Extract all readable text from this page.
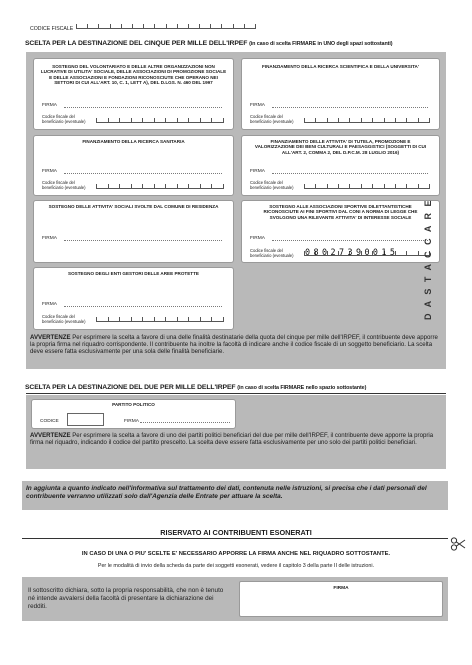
CODICE FISCALE
SCELTA PER LA DESTINAZIONE DEL CINQUE PER MILLE DELL'IRPEF (in caso di scelta FIRMARE in UNO degli spazi sottostanti)
SOSTEGNO DEL VOLONTARIATO E DELLE ALTRE ORGANIZZAZIONI NON LUCRATIVE DI UTILITA' SOCIALE, DELLE ASSOCIAZIONI DI PROMOZIONE SOCIALE E DELLE ASSOCIAZIONI E FONDAZIONI RICONOSCIUTE CHE OPERANO NEI SETTORI DI CUI ALL'ART. 10, C. 1, LETT A), DEL D.LGS. N. 460 DEL 1997
FIRMA
Codice fiscale del
beneficiario (eventuale)
FINANZIAMENTO DELLA RICERCA SCIENTIFICA E DELLA UNIVERSITA'
FIRMA
Codice fiscale del
beneficiario (eventuale)
FINANZIAMENTO DELLA RICERCA SANITARIA
FIRMA
Codice fiscale del
beneficiario (eventuale)
FINANZIAMENTO DELLE ATTIVITA' DI TUTELA, PROMOZIONE E VALORIZZAZIONE DEI BENI CULTURALI E PAESAGGISTICI (SOGGETTI DI CUI ALL'ART. 2, COMMA 2, DEL D.P.C.M. 28 LUGLIO 2016)
FIRMA
Codice fiscale del
beneficiario (eventuale)
SOSTEGNO DELLE ATTIVITA' SOCIALI SVOLTE DAL COMUNE DI RESIDENZA
FIRMA
SOSTEGNO ALLE ASSOCIAZIONI SPORTIVE DILETTANTISTICHE RICONOSCIUTE AI FINI SPORTIVI DAL CONI A NORMA DI LEGGE CHE SVOLGONO UNA RILEVANTE ATTIVITA' DI INTERESSE SOCIALE
FIRMA
Codice fiscale del
beneficiario (eventuale) 08027390015
SOSTEGNO DEGLI ENTI GESTORI DELLE AREE PROTETTE
FIRMA
Codice fiscale del
beneficiario (eventuale)
AVVERTENZE Per esprimere la scelta a favore di una delle finalità destinatarie della quota del cinque per mille dell'IRPEF, il contribuente deve apporre la propria firma nel riquadro corrispondente. Il contribuente ha inoltre la facoltà di indicare anche il codice fiscale di un soggetto beneficiario. La scelta deve essere fatta esclusivamente per una sola delle finalità beneficiarie.
D A S T A C C A R E
SCELTA PER LA DESTINAZIONE DEL DUE PER MILLE DELL'IRPEF (in caso di scelta FIRMARE nello spazio sottostante)
PARTITO POLITICO
CODICE	FIRMA
AVVERTENZE Per esprimere la scelta a favore di uno dei partiti politici beneficiari del due per mille dell'IRPEF, il contribuente deve apporre la propria firma nel riquadro, indicando il codice del partito prescelto. La scelta deve essere fatta esclusivamente per uno solo dei partiti politici beneficiari.
In aggiunta a quanto indicato nell'informativa sul trattamento dei dati, contenuta nelle istruzioni, si precisa che i dati personali del contribuente verranno utilizzati solo dall'Agenzia delle Entrate per attuare la scelta.
RISERVATO AI CONTRIBUENTI ESONERATI
IN CASO DI UNA O PIU' SCELTE E' NECESSARIO APPORRE LA FIRMA ANCHE NEL RIQUADRO SOTTOSTANTE.
Per le modalità di invio della scheda da parte dei soggetti esonerati, vedere il capitolo 3 della parte II delle istruzioni.
Il sottoscritto dichiara, sotto la propria responsabilità, che non è tenuto né intende avvalersi della facoltà di presentare la dichiarazione dei redditi.
FIRMA
